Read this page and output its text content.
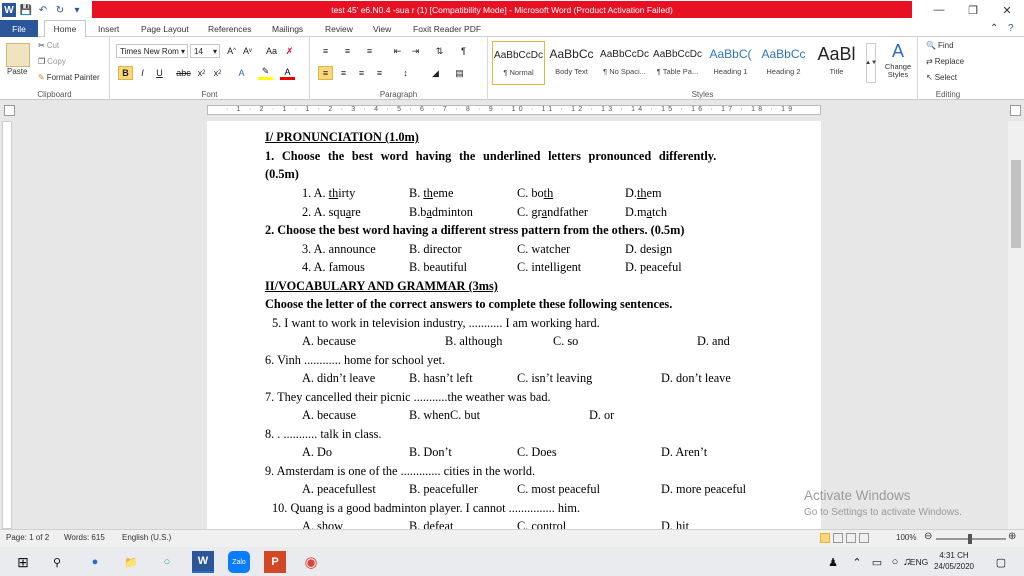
W 💾 ↶ ↻	▾	test 45' e6.N0.4 -sua r (1) [Compatibility Mode] - Microsoft Word (Product Activation Failed)	—	❐	✕
File	Home	Insert	Page Layout References Mailings	Review View	Foxit Reader PDF	⌃ ?
Paste
✂ Cut
❐ Copy
✎ Format Painter
Clipboard
Times New Rom ▾ 14 ▾	A ^ A v Aa ✗
B	I	U	abc x 2 x 2	A	✎	A
Font
≡	≡	≡	⇤	⇥	⇅	¶
≡	≡	≡	≡	↕	◢	▤
Paragraph
AaBbCcDc
¶ Normal
AaBbCc
Body Text
AaBbCcDc
¶ No Spaci...
AaBbCcDc
¶ Table Pa...
AaBbC(
Heading 1
AaBbCc
Heading 2
AaBl
Title
▲▼
A
Change Styles
Styles
🔍 Find
⇄ Replace
↖ Select
Editing
· 1 · 2 · 1 · 1 · 2 · 3 · 4 · 5 · 6 · 7 · 8 · 9 · 10 · 11 · 12 · 13 · 14 · 15 · 16 · 17 · 18 · 19
I/ PRONUNCIATION (1.0m)
1. Choose the best word having the underlined letters pronounced differently.
(0.5m)
1. A. thirty	B. theme	C. both	D.them
2. A. square	B.badminton	C. grandfather	D.match
2. Choose the best word having a different stress pattern from the others. (0.5m)
3. A. announce	B. director	C. watcher	D. design
4. A. famous	B. beautiful	C. intelligent	D. peaceful
II/VOCABULARY AND GRAMMAR (3ms)
Choose the letter of the correct answers to complete these following sentences.
5. I want to work in television industry, ........... I am working hard.
A. because	B. although	C. so	D. and
6. Vinh ............ home for school yet.
A. didn’t leave	B. hasn’t left	C. isn’t leaving	D. don’t leave
7. They cancelled their picnic ...........the weather was bad.
A. because	B. whenC. but	D. or
8. . ........... talk in class.
A. Do	B. Don’t	C. Does	D. Aren’t
9. Amsterdam is one of the ............. cities in the world.
A. peacefullest	B. peacefuller	C. most peaceful	D. more peaceful
10. Quang is a good badminton player. I cannot ............... him.
A. show	B. defeat	C. control	D. hit
Activate Windows
Go to Settings to activate Windows.
Page: 1 of 2 Words: 615 English (U.S.)	100% ⊖	⊕
⊞	⚲	●	📁	○	W	Zalo	P	◉	♟	⌃ ▭ ○ ♫
ENG
4:31 CH
24/05/2020	▢
